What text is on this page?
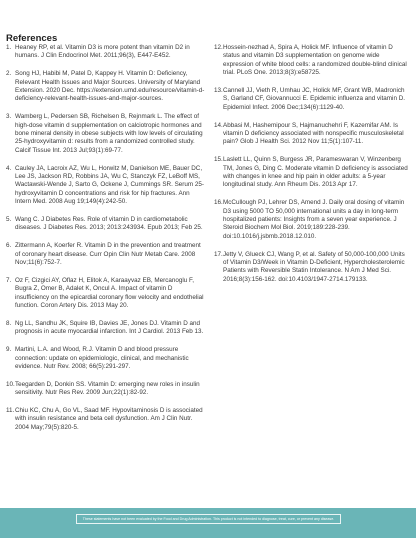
References
1. Heaney RP, et al. Vitamin D3 is more potent than vitamin D2 in humans. J Clin Endocrinol Met. 2011;96(3), E447-E452.
2. Song HJ, Habibi M, Patel D, Kappey H. Vitamin D: Deficiency, Relevant Health Issues and Major Sources. University of Maryland Extension. 2020 Dec. https://extension.umd.edu/resource/vitamin-d-deficiency-relevant-health-issues-and-major-sources.
3. Wamberg L, Pedersen SB, Richelsen B, Rejnmark L. The effect of high-dose vitamin d supplementation on calciotropic hormones and bone mineral density in obese subjects with low levels of circulating 25-hydroxyvitamin d: results from a randomized controlled study. Calcif Tissue Int. 2013 Jul;93(1):69-77.
4. Cauley JA, Lacroix AZ, Wu L, Horwitz M, Danielson ME, Bauer DC, Lee JS, Jackson RD, Robbins JA, Wu C, Stanczyk FZ, LeBoff MS, Wactawski-Wende J, Sarto G, Ockene J, Cummings SR. Serum 25-hydroxyvitamin D concentrations and risk for hip fractures. Ann Intern Med. 2008 Aug 19;149(4):242-50.
5. Wang C. J Diabetes Res. Role of vitamin D in cardiometabolic diseases. J Diabetes Res. 2013; 2013:243934. Epub 2013; Feb 25.
6. Zittermann A, Koerfer R. Vitamin D in the prevention and treatment of coronary heart disease. Curr Opin Clin Nutr Metab Care. 2008 Nov;11(6):752-7.
7. Oz F, Cizgici AY, Oflaz H, Elitok A, Karaayvaz EB, Mercanoglu F, Bugra Z, Omer B, Adalet K, Oncul A. Impact of vitamin D insufficiency on the epicardial coronary flow velocity and endothelial function. Coron Artery Dis. 2013 May 20.
8. Ng LL, Sandhu JK, Squire IB, Davies JE, Jones DJ. Vitamin D and prognosis in acute myocardial infarction. Int J Cardiol. 2013 Feb 13.
9. Martini, L.A. and Wood, R.J. Vitamin D and blood pressure connection: update on epidemiologic, clinical, and mechanistic evidence. Nutr Rev. 2008; 66(5):291-297.
10. Teegarden D, Donkin SS. Vitamin D: emerging new roles in insulin sensitivity. Nutr Res Rev. 2009 Jun;22(1):82-92.
11. Chiu KC, Chu A, Go VL, Saad MF. Hypovitaminosis D is associated with insulin resistance and beta cell dysfunction. Am J Clin Nutr. 2004 May;79(5):820-5.
12. Hossein-nezhad A, Spira A, Holick MF. Influence of vitamin D status and vitamin D3 supplementation on genome wide expression of white blood cells: a randomized double-blind clinical trial. PLoS One. 2013;8(3):e58725.
13. Cannell JJ, Vieth R, Umhau JC, Holick MF, Grant WB, Madronich S, Garland CF, Giovannucci E. Epidemic influenza and vitamin D. Epidemiol Infect. 2006 Dec;134(6):1129-40.
14. Abbasi M, Hashemipour S, Hajmanuchehri F, Kazemifar AM. Is vitamin D deficiency associated with nonspecific musculoskeletal pain? Glob J Health Sci. 2012 Nov 11;5(1):107-11.
15. Laslett LL, Quinn S, Burgess JR, Parameswaran V, Winzenberg TM, Jones G, Ding C. Moderate vitamin D deficiency is associated with changes in knee and hip pain in older adults: a 5-year longitudinal study. Ann Rheum Dis. 2013 Apr 17.
16. McCullough PJ, Lehrer DS, Amend J. Daily oral dosing of vitamin D3 using 5000 TO 50,000 international units a day in long-term hospitalized patients: Insights from a seven year experience. J Steroid Biochem Mol Biol. 2019;189:228-239. doi:10.1016/j.jsbmb.2018.12.010.
17. Jetty V, Glueck CJ, Wang P, et al. Safety of 50,000-100,000 Units of Vitamin D3/Week in Vitamin D-Deficient, Hypercholesterolemic Patients with Reversible Statin Intolerance. N Am J Med Sci. 2016;8(3):156-162. doi:10.4103/1947-2714.179133.
These statements have not been evaluated by the Food and Drug Administration. This product is not intended to diagnose, treat, cure, or prevent any disease.
